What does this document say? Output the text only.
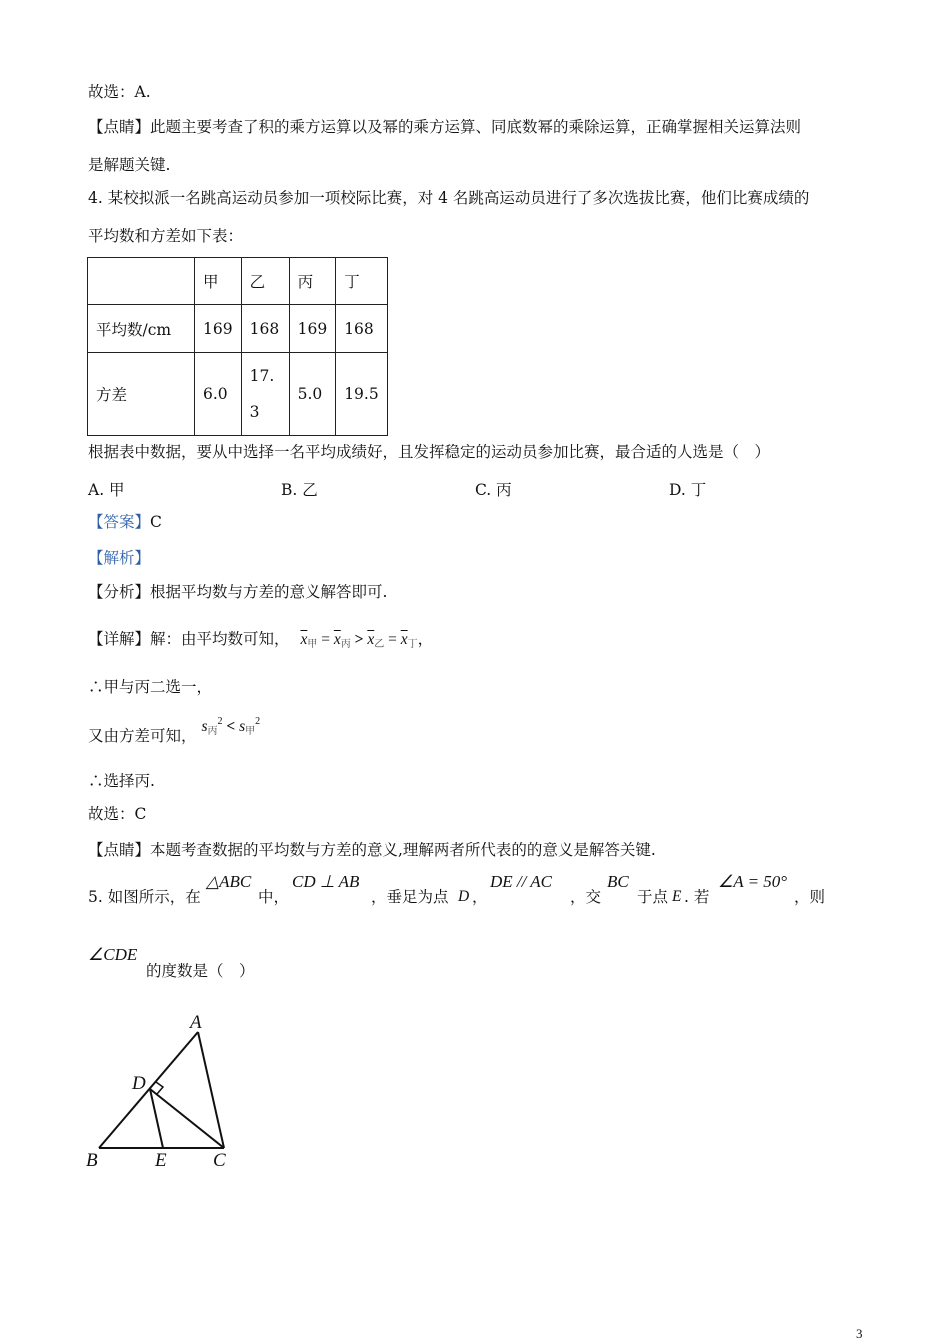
故选：A.
【点睛】此题主要考查了积的乘方运算以及幂的乘方运算、同底数幂的乘除运算，正确掌握相关运算法则
是解题关键.
4. 某校拟派一名跳高运动员参加一项校际比赛，对 4 名跳高运动员进行了多次选拔比赛，他们比赛成绩的
平均数和方差如下表：
	甲	乙	丙	丁
平均数/cm	169	168	169	168
方差	6.0	17.3	5.0	19.5
根据表中数据，要从中选择一名平均成绩好，且发挥稳定的运动员参加比赛，最合适的人选是（　）
A. 甲	B. 乙	C. 丙	D. 丁
【答案】C
【解析】
【分析】根据平均数与方差的意义解答即可.
【详解】解：由平均数可知， $\overline{x}_甲 = \overline{x}_丙 > \overline{x}_乙 = \overline{x}_丁$，
∴甲与丙二选一，
又由方差可知， $s_丙^2 < s_甲^2$
∴选择丙.
故选：C
【点睛】本题考查数据的平均数与方差的意义,理解两者所代表的的意义是解答关键.
5. 如图所示，在
△ABC
中，
CD ⊥ AB
，垂足为点 D ，
DE // AC
，交
BC
于点 E . 若
∠A = 50°
，则
∠CDE
的度数是（　）
A
D
B	E C
3
